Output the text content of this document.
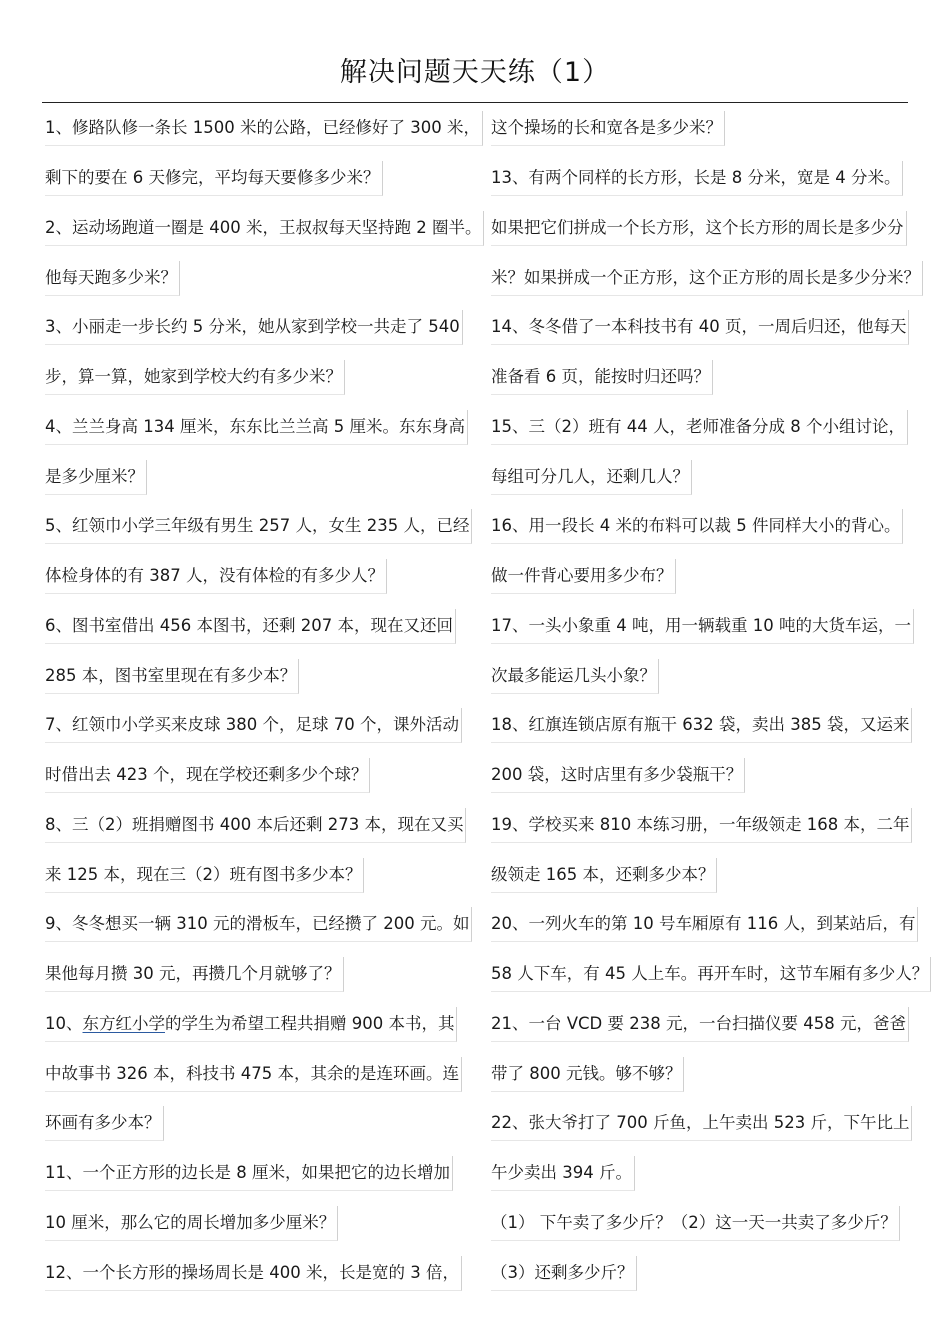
解决问题天天练（1）
1、修路队修一条长 1500 米的公路，已经修好了 300 米，
剩下的要在 6 天修完，平均每天要修多少米？
2、运动场跑道一圈是 400 米，王叔叔每天坚持跑 2 圈半。
他每天跑多少米？
3、小丽走一步长约 5 分米，她从家到学校一共走了 540
步，算一算，她家到学校大约有多少米？
4、兰兰身高 134 厘米，东东比兰兰高 5 厘米。东东身高
是多少厘米？
5、红领巾小学三年级有男生 257 人，女生 235 人，已经
体检身体的有 387 人，没有体检的有多少人？
6、图书室借出 456 本图书，还剩 207 本，现在又还回
285 本，图书室里现在有多少本？
7、红领巾小学买来皮球 380 个，足球 70 个，课外活动
时借出去 423 个，现在学校还剩多少个球？
8、三（2）班捐赠图书 400 本后还剩 273 本，现在又买
来 125 本，现在三（2）班有图书多少本？
9、冬冬想买一辆 310 元的滑板车，已经攒了 200 元。如
果他每月攒 30 元，再攒几个月就够了？
10、东方红小学的学生为希望工程共捐赠 900 本书，其
中故事书 326 本，科技书 475 本，其余的是连环画。连
环画有多少本？
11、一个正方形的边长是 8 厘米，如果把它的边长增加
10 厘米，那么它的周长增加多少厘米？
12、一个长方形的操场周长是 400 米，长是宽的 3 倍，
这个操场的长和宽各是多少米？
13、有两个同样的长方形，长是 8 分米，宽是 4 分米。
如果把它们拼成一个长方形，这个长方形的周长是多少分
米？如果拼成一个正方形，这个正方形的周长是多少分米？
14、冬冬借了一本科技书有 40 页，一周后归还，他每天
准备看 6 页，能按时归还吗？
15、三（2）班有 44 人，老师准备分成 8 个小组讨论，
每组可分几人，还剩几人？
16、用一段长 4 米的布料可以裁 5 件同样大小的背心。
做一件背心要用多少布？
17、一头小象重 4 吨，用一辆载重 10 吨的大货车运，一
次最多能运几头小象？
18、红旗连锁店原有瓶干 632 袋，卖出 385 袋，又运来
200 袋，这时店里有多少袋瓶干？
19、学校买来 810 本练习册，一年级领走 168 本，二年
级领走 165 本，还剩多少本？
20、一列火车的第 10 号车厢原有 116 人，到某站后，有
58 人下车，有 45 人上车。再开车时，这节车厢有多少人？
21、一台 VCD 要 238 元，一台扫描仪要 458 元，爸爸
带了 800 元钱。够不够？
22、张大爷打了 700 斤鱼，上午卖出 523 斤，下午比上
午少卖出 394 斤。
（1） 下午卖了多少斤？（2）这一天一共卖了多少斤？
（3）还剩多少斤？
